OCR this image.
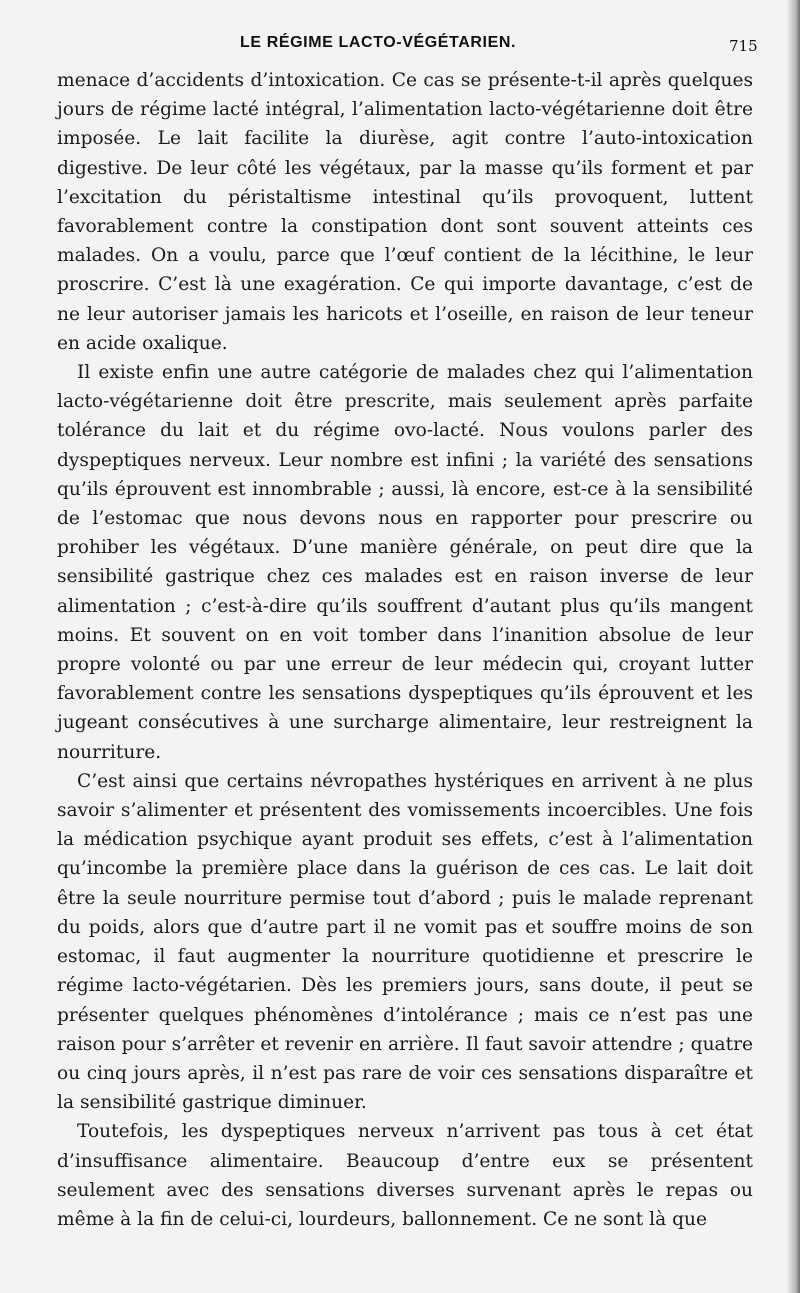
LE RÉGIME LACTO-VÉGÉTARIEN.	715

menace d’accidents d’intoxication. Ce cas se présente-t-il après quelques jours de régime lacté intégral, l’alimentation lacto-végétarienne doit être imposée. Le lait facilite la diurèse, agit contre l’auto-intoxication digestive. De leur côté les végétaux, par la masse qu’ils forment et par l’excitation du péristaltisme intestinal qu’ils provoquent, luttent favorablement contre la constipation dont sont souvent atteints ces malades. On a voulu, parce que l’œuf contient de la lécithine, le leur proscrire. C’est là une exagération. Ce qui importe davantage, c’est de ne leur autoriser jamais les haricots et l’oseille, en raison de leur teneur en acide oxalique.

Il existe enfin une autre catégorie de malades chez qui l’alimentation lacto-végétarienne doit être prescrite, mais seulement après parfaite tolérance du lait et du régime ovo-lacté. Nous voulons parler des dyspeptiques nerveux. Leur nombre est infini ; la variété des sensations qu’ils éprouvent est innombrable ; aussi, là encore, est-ce à la sensibilité de l’estomac que nous devons nous en rapporter pour prescrire ou prohiber les végétaux. D’une manière générale, on peut dire que la sensibilité gastrique chez ces malades est en raison inverse de leur alimentation ; c’est-à-dire qu’ils souffrent d’autant plus qu’ils mangent moins. Et souvent on en voit tomber dans l’inanition absolue de leur propre volonté ou par une erreur de leur médecin qui, croyant lutter favorablement contre les sensations dyspeptiques qu’ils éprouvent et les jugeant consécutives à une surcharge alimentaire, leur restreignent la nourriture.

C’est ainsi que certains névropathes hystériques en arrivent à ne plus savoir s’alimenter et présentent des vomissements incoercibles. Une fois la médication psychique ayant produit ses effets, c’est à l’alimentation qu’incombe la première place dans la guérison de ces cas. Le lait doit être la seule nourriture permise tout d’abord ; puis le malade reprenant du poids, alors que d’autre part il ne vomit pas et souffre moins de son estomac, il faut augmenter la nourriture quotidienne et prescrire le régime lacto-végétarien. Dès les premiers jours, sans doute, il peut se présenter quelques phénomènes d’intolérance ; mais ce n’est pas une raison pour s’arrêter et revenir en arrière. Il faut savoir attendre ; quatre ou cinq jours après, il n’est pas rare de voir ces sensations disparaître et la sensibilité gastrique diminuer.

Toutefois, les dyspeptiques nerveux n’arrivent pas tous à cet état d’insuffisance alimentaire. Beaucoup d’entre eux se présentent seulement avec des sensations diverses survenant après le repas ou même à la fin de celui-ci, lourdeurs, ballonnement. Ce ne sont là que
